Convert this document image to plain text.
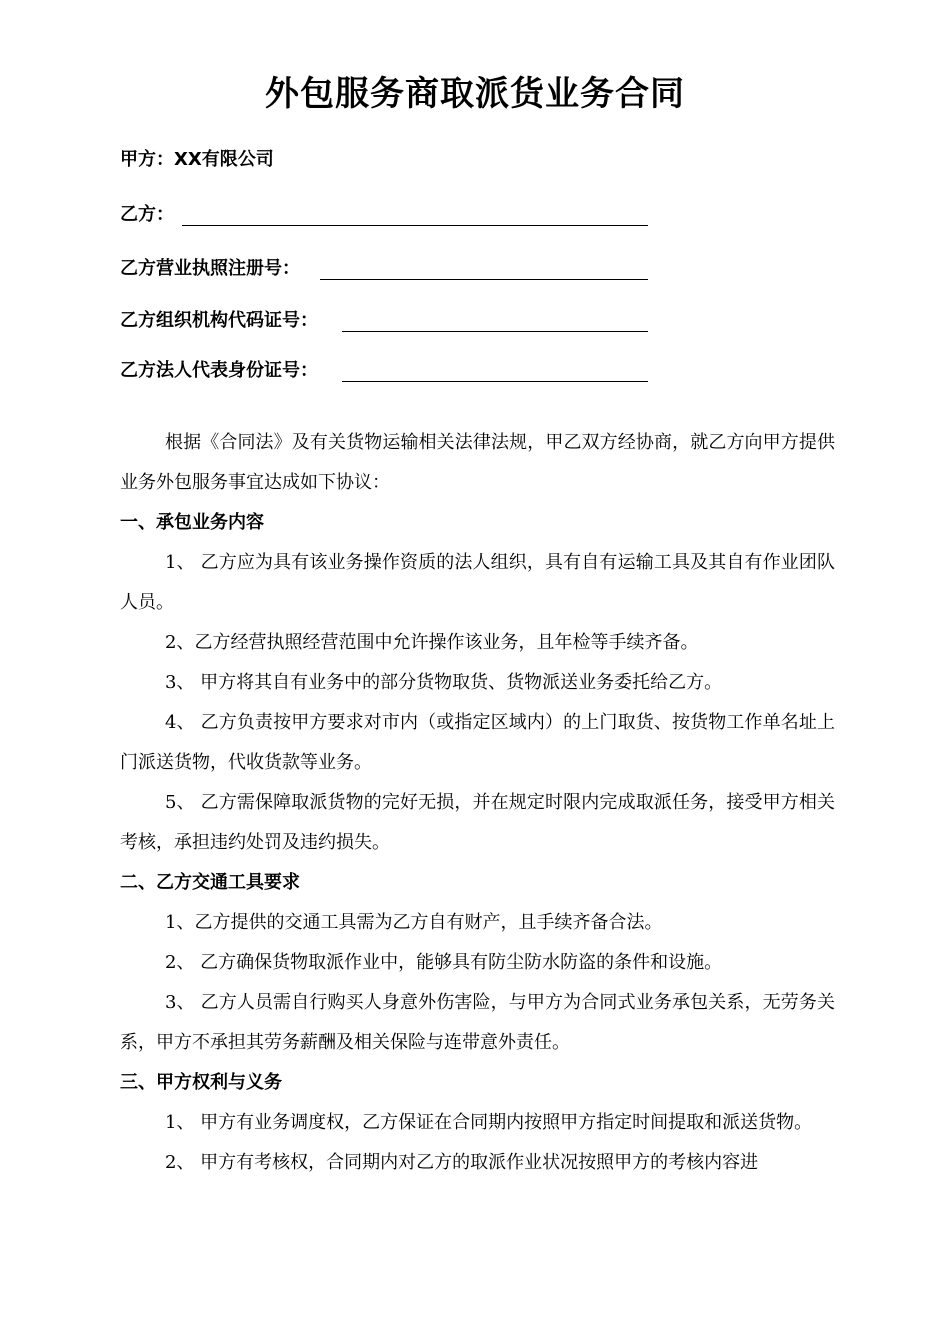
外包服务商取派货业务合同
甲方：XX有限公司
乙方：
乙方营业执照注册号：
乙方组织机构代码证号：
乙方法人代表身份证号：

根据《合同法》及有关货物运输相关法律法规，甲乙双方经协商，就乙方向甲方提供业务外包服务事宜达成如下协议：

一、承包业务内容

1、 乙方应为具有该业务操作资质的法人组织，具有自有运输工具及其自有作业团队人员。

2、乙方经营执照经营范围中允许操作该业务，且年检等手续齐备。

3、 甲方将其自有业务中的部分货物取货、货物派送业务委托给乙方。

4、 乙方负责按甲方要求对市内（或指定区域内）的上门取货、按货物工作单名址上门派送货物，代收货款等业务。

5、 乙方需保障取派货物的完好无损，并在规定时限内完成取派任务，接受甲方相关考核，承担违约处罚及违约损失。

二、乙方交通工具要求

1、乙方提供的交通工具需为乙方自有财产，且手续齐备合法。

2、 乙方确保货物取派作业中，能够具有防尘防水防盗的条件和设施。

3、 乙方人员需自行购买人身意外伤害险，与甲方为合同式业务承包关系，无劳务关系，甲方不承担其劳务薪酬及相关保险与连带意外责任。

三、甲方权利与义务

1、 甲方有业务调度权，乙方保证在合同期内按照甲方指定时间提取和派送货物。

2、 甲方有考核权，合同期内对乙方的取派作业状况按照甲方的考核内容进
